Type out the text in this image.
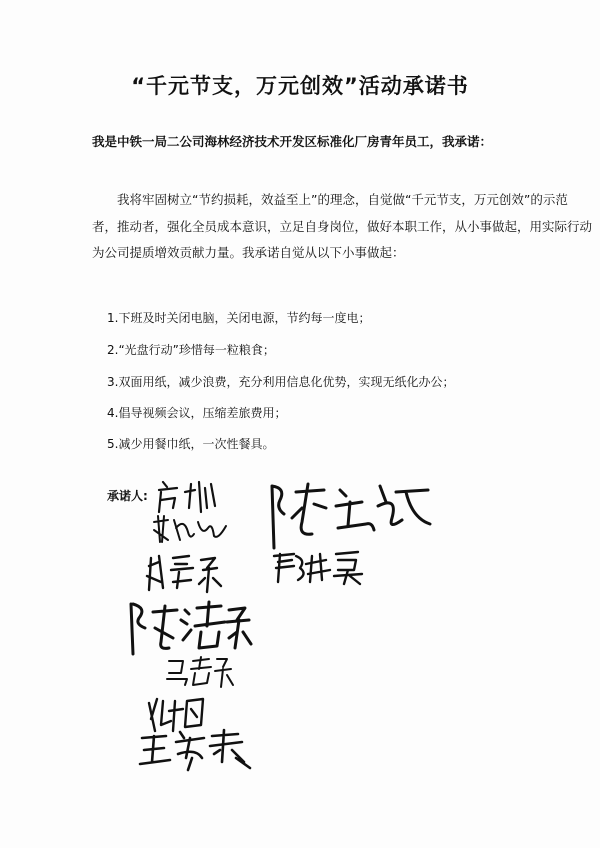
“千元节支，万元创效”活动承诺书
我是中铁一局二公司海林经济技术开发区标准化厂房青年员工，我承诺：
我将牢固树立“节约损耗，效益至上”的理念，自觉做“千元节支，万元创效”的示范
者，推动者，强化全员成本意识，立足自身岗位，做好本职工作，从小事做起，用实际行动
为公司提质增效贡献力量。我承诺自觉从以下小事做起：
1.下班及时关闭电脑，关闭电源，节约每一度电；
2.“光盘行动”珍惜每一粒粮食；
3.双面用纸，减少浪费，充分利用信息化优势，实现无纸化办公；
4.倡导视频会议，压缩差旅费用；
5.减少用餐巾纸，一次性餐具。
承诺人:
